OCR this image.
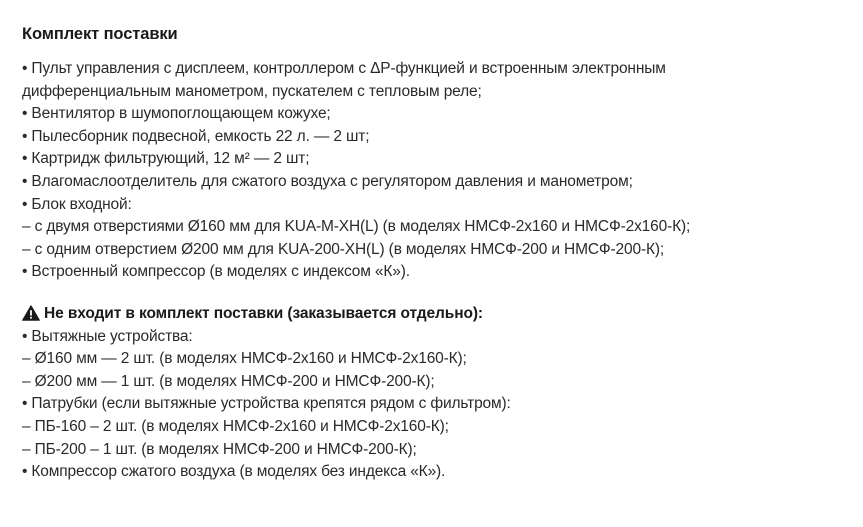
Комплект поставки
• Пульт управления с дисплеем, контроллером с ΔР-функцией и встроенным электронным
дифференциальным манометром, пускателем с тепловым реле;
• Вентилятор в шумопоглощающем кожухе;
• Пылесборник подвесной, емкость 22 л. — 2 шт;
• Картридж фильтрующий, 12 м² — 2 шт;
• Влагомаслоотделитель для сжатого воздуха с регулятором давления и манометром;
• Блок входной:
– с двумя отверстиями Ø160 мм для KUA-M-XH(L) (в моделях НМСФ-2x160 и НМСФ-2x160-К);
– с одним отверстием Ø200 мм для KUA-200-XH(L) (в моделях НМСФ-200 и НМСФ-200-К);
• Встроенный компрессор (в моделях с индексом «К»).
Не входит в комплект поставки (заказывается отдельно):
• Вытяжные устройства:
– Ø160 мм — 2 шт. (в моделях НМСФ-2x160 и НМСФ-2x160-К);
– Ø200 мм — 1 шт. (в моделях НМСФ-200 и НМСФ-200-К);
• Патрубки (если вытяжные устройства крепятся рядом с фильтром):
– ПБ-160 – 2 шт. (в моделях НМСФ-2x160 и НМСФ-2x160-К);
– ПБ-200 – 1 шт. (в моделях НМСФ-200 и НМСФ-200-К);
• Компрессор сжатого воздуха (в моделях без индекса «К»).
